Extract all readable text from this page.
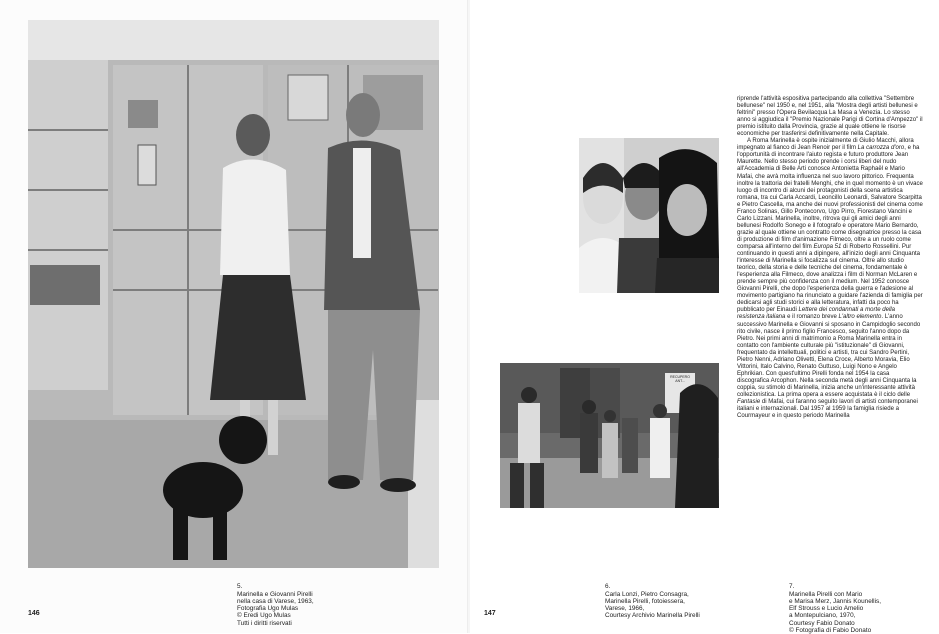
5.
Marinella e Giovanni Pirelli
nella casa di Varese, 1963,
Fotografia Ugo Mulas
© Eredi Ugo Mulas
Tutti i diritti riservati

146
RECUPERO
ANT...

6.
Carla Lonzi, Pietro Consagra,
Marinella Pirelli, fotoiessera,
Varese, 1966,
Courtesy Archivio Marinella Pirelli

7.
Marinella Pirelli con Mario
e Marisa Merz, Jannis Kounellis,
Elf Strouss e Lucio Amelio
a Montepulciano, 1970,
Courtesy Fabio Donato
© Fotografia di Fabio Donato

147

riprende l'attività espositiva partecipando alla collettiva "Settembre bellunese" nel 1950 e, nel 1951, alla "Mostra degli artisti bellunesi e feltrini" presso l'Opera Bevilacqua La Masa a Venezia. Lo stesso anno si aggiudica il "Premio Nazionale Parigi di Cortina d'Ampezzo" il premio istituito dalla Provincia, grazie al quale ottiene le risorse economiche per trasferirsi definitivamente nella Capitale.

A Roma Marinella è ospite inizialmente di Giulio Macchi, allora impegnato al fianco di Jean Renoir per il film La carrozza d'oro, e ha l'opportunità di incontrare l'aiuto regista e futuro produttore Jean Maurette. Nello stesso periodo prende i corsi liberi del nudo all'Accademia di Belle Arti conosce Antonietta Raphaël e Mario Mafai, che avrà molta influenza nel suo lavoro pittorico. Frequenta inoltre la trattoria dei fratelli Menghi, che in quel momento è un vivace luogo di incontro di alcuni dei protagonisti della scena artistica romana, tra cui Carla Accardi, Leoncillo Leonardi, Salvatore Scarpitta e Pietro Cascella, ma anche dei nuovi professionisti del cinema come Franco Solinas, Gillo Pontecorvo, Ugo Pirro, Fiorestano Vancini e Carlo Lizzani. Marinella, inoltre, ritrova qui gli amici degli anni bellunesi Rodolfo Sonego e il fotografo e operatore Mario Bernardo, grazie al quale ottiene un contratto come disegnatrice presso la casa di produzione di film d'animazione Filmeco, oltre a un ruolo come comparsa all'interno del film Europa 51 di Roberto Rossellini. Pur continuando in questi anni a dipingere, all'inizio degli anni Cinquanta l'interesse di Marinella si focalizza sul cinema. Oltre allo studio teorico, della storia e delle tecniche del cinema, fondamentale è l'esperienza alla Filmeco, dove analizza i film di Norman McLaren e prende sempre più confidenza con il medium. Nel 1952 conosce Giovanni Pirelli, che dopo l'esperienza della guerra e l'adesione al movimento partigiano ha rinunciato a guidare l'azienda di famiglia per dedicarsi agli studi storici e alla letteratura, infatti da poco ha pubblicato per Einaudi Lettere dei condannati a morte della resistenza italiana e il romanzo breve L'altro elemento. L'anno successivo Marinella e Giovanni si sposano in Campidoglio secondo rito civile, nasce il primo figlio Francesco, seguito l'anno dopo da Pietro. Nei primi anni di matrimonio a Roma Marinella entra in contatto con l'ambiente culturale più "istituzionale" di Giovanni, frequentato da intellettuali, politici e artisti, tra cui Sandro Pertini, Pietro Nenni, Adriano Olivetti, Elena Croce, Alberto Moravia, Elio Vittorini, Italo Calvino, Renato Guttuso, Luigi Nono e Angelo Ephrikian. Con quest'ultimo Pirelli fonda nel 1954 la casa discografica Arcophon. Nella seconda metà degli anni Cinquanta la coppia, su stimolo di Marinella, inizia anche un'interessante attività collezionistica. La prima opera a essere acquistata è il ciclo delle Fantasie di Mafai, cui faranno seguito lavori di artisti contemporanei italiani e internazionali. Dal 1957 al 1959 la famiglia risiede a Courmayeur e in questo periodo Marinella
